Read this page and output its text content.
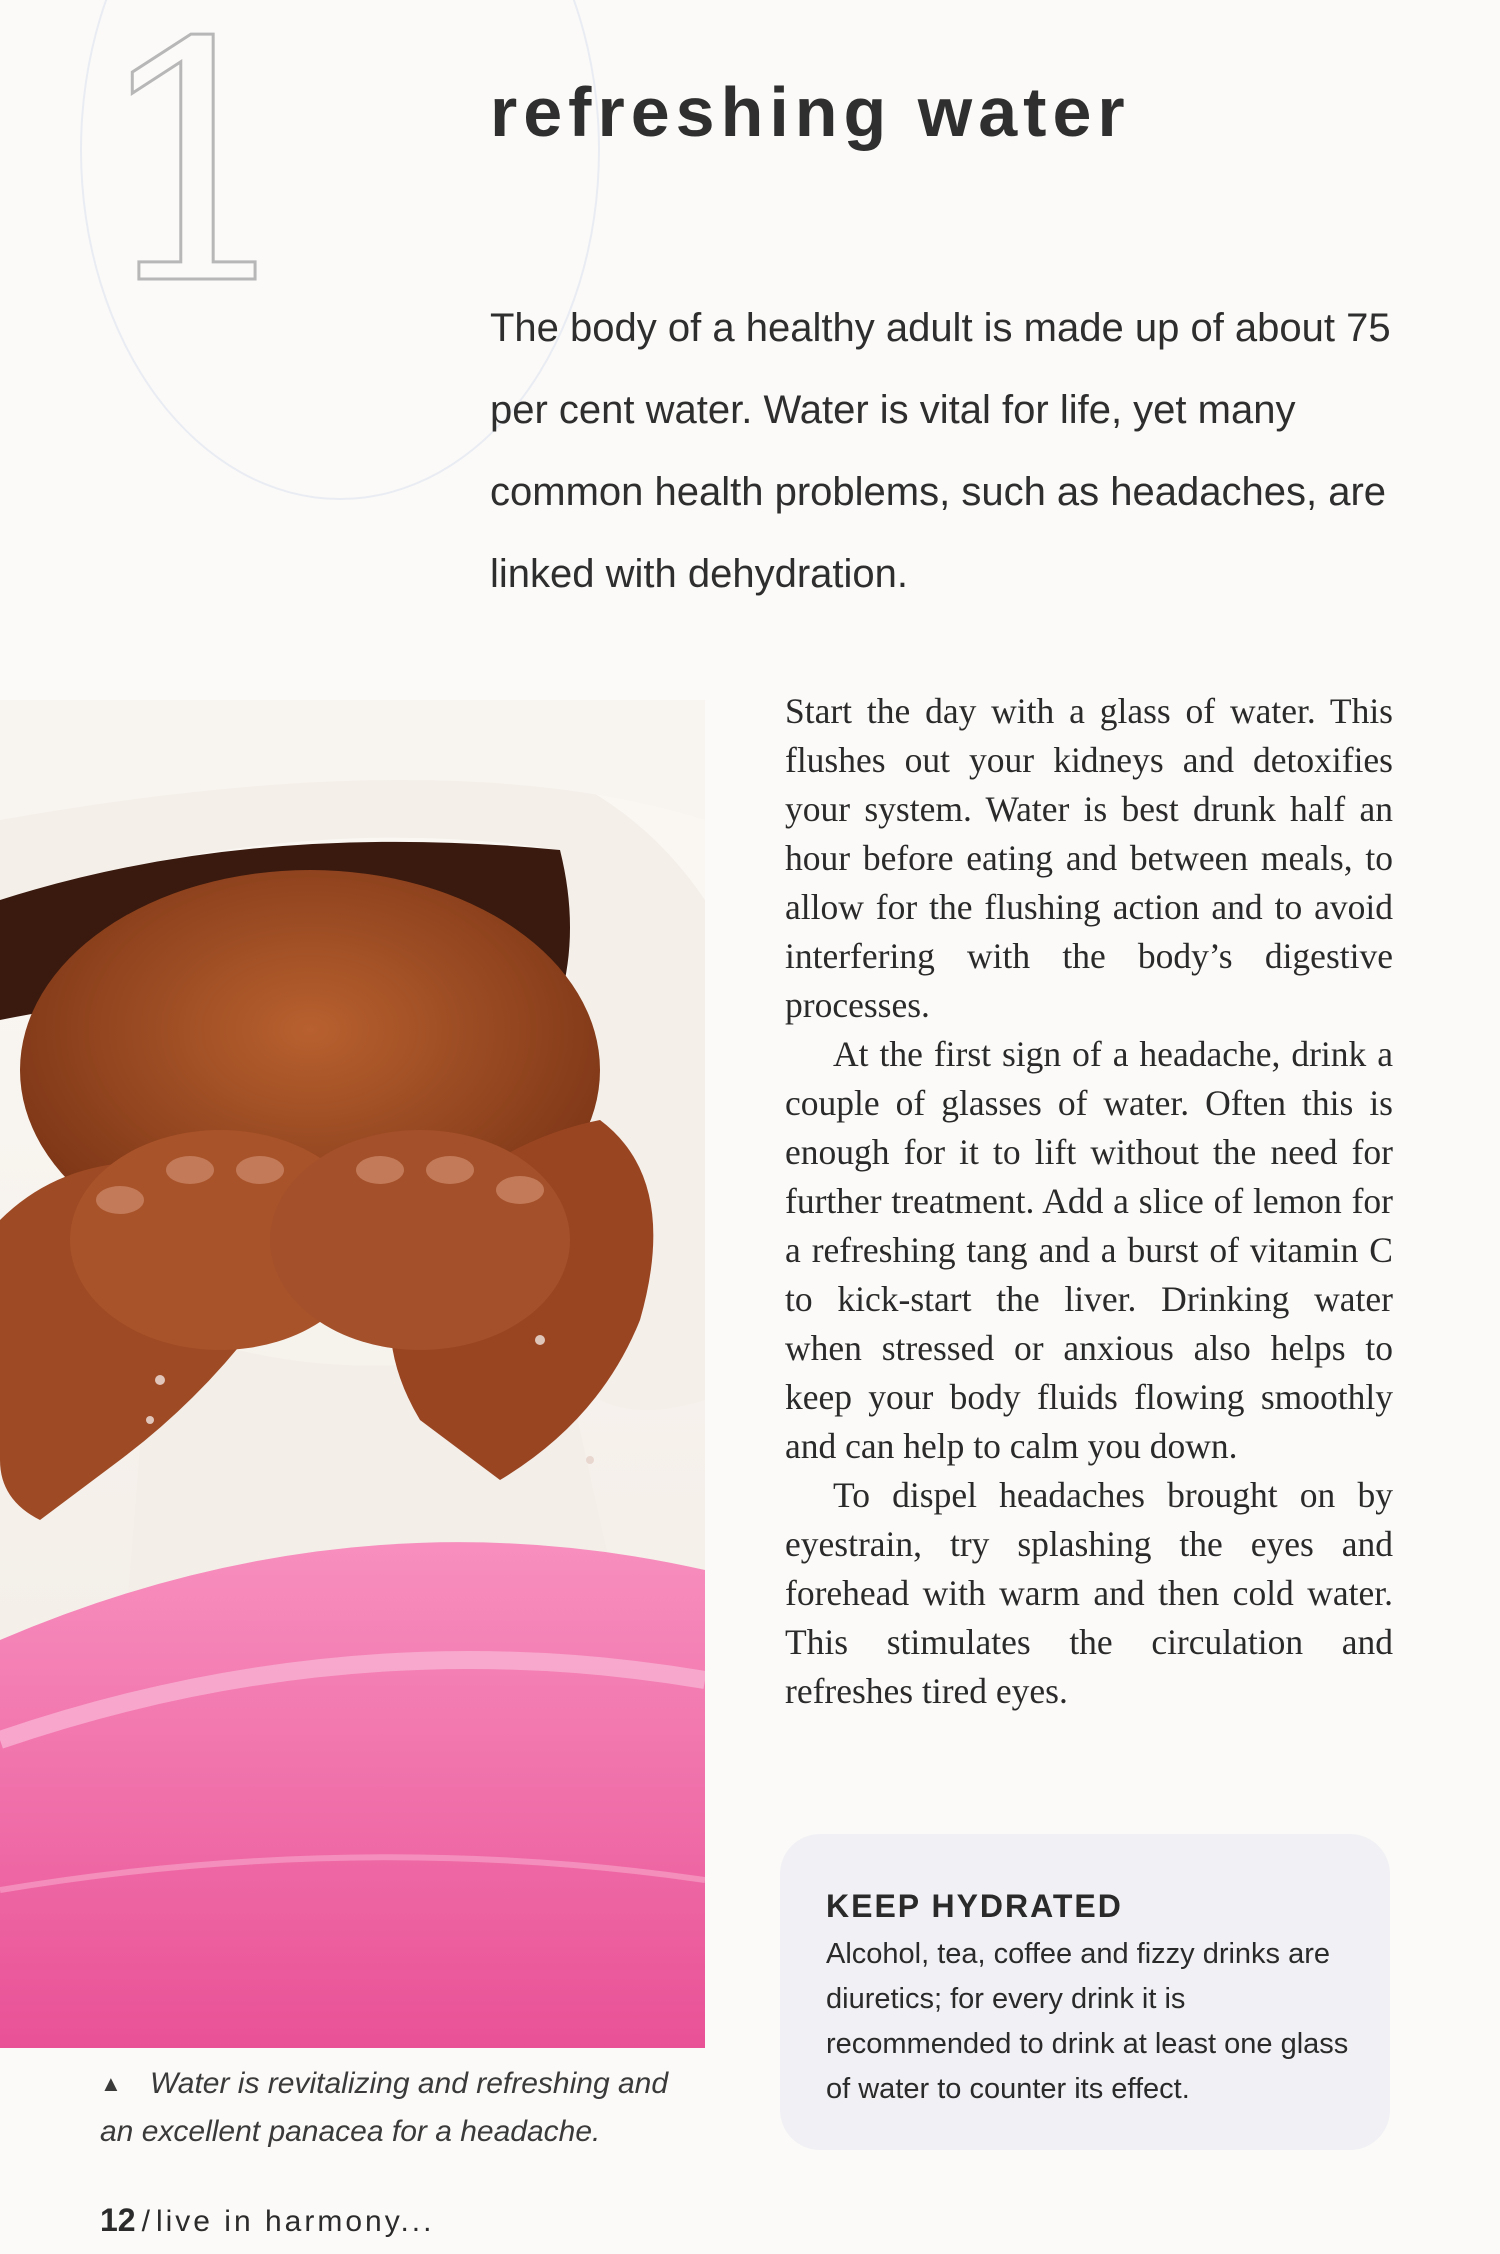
1	refreshing water

The body of a healthy adult is made up of about 75 per cent water. Water is vital for life, yet many common health problems, such as headaches, are linked with dehydration.

▲ Water is revitalizing and refreshing and an excellent panacea for a headache.

Start the day with a glass of water. This flushes out your kidneys and detoxifies your system. Water is best drunk half an hour before eating and between meals, to allow for the flushing action and to avoid interfering with the body’s digestive processes.

At the first sign of a headache, drink a couple of glasses of water. Often this is enough for it to lift without the need for further treatment. Add a slice of lemon for a refreshing tang and a burst of vitamin C to kick-start the liver. Drinking water when stressed or anxious also helps to keep your body fluids flowing smoothly and can help to calm you down.

To dispel headaches brought on by eyestrain, try splashing the eyes and forehead with warm and then cold water. This stimulates the circulation and refreshes tired eyes.

KEEP HYDRATED

Alcohol, tea, coffee and fizzy drinks are diuretics; for every drink it is recommended to drink at least one glass of water to counter its effect.

12 / live in harmony...
